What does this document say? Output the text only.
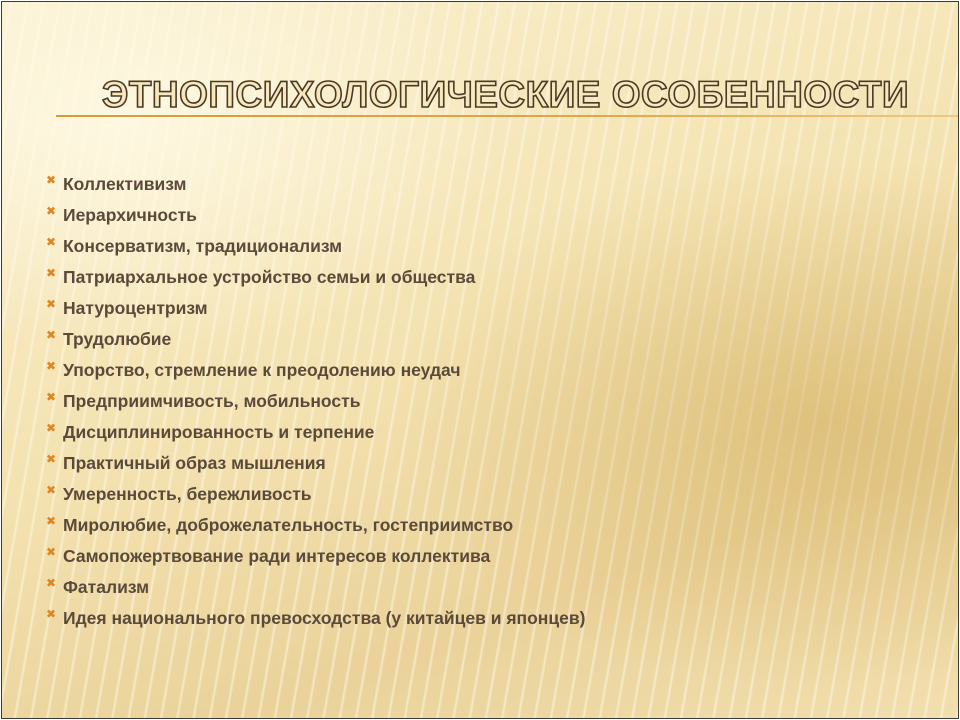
ЭТНОПСИХОЛОГИЧЕСКИЕ ОСОБЕННОСТИ
✖ Коллективизм
✖ Иерархичность
✖ Консерватизм, традиционализм
✖ Патриархальное устройство семьи и общества
✖ Натуроцентризм
✖ Трудолюбие
✖ Упорство, стремление к преодолению неудач
✖ Предприимчивость, мобильность
✖ Дисциплинированность и терпение
✖ Практичный образ мышления
✖ Умеренность, бережливость
✖ Миролюбие, доброжелательность, гостеприимство
✖ Самопожертвование ради интересов коллектива
✖ Фатализм
✖ Идея национального превосходства (у китайцев и японцев)
